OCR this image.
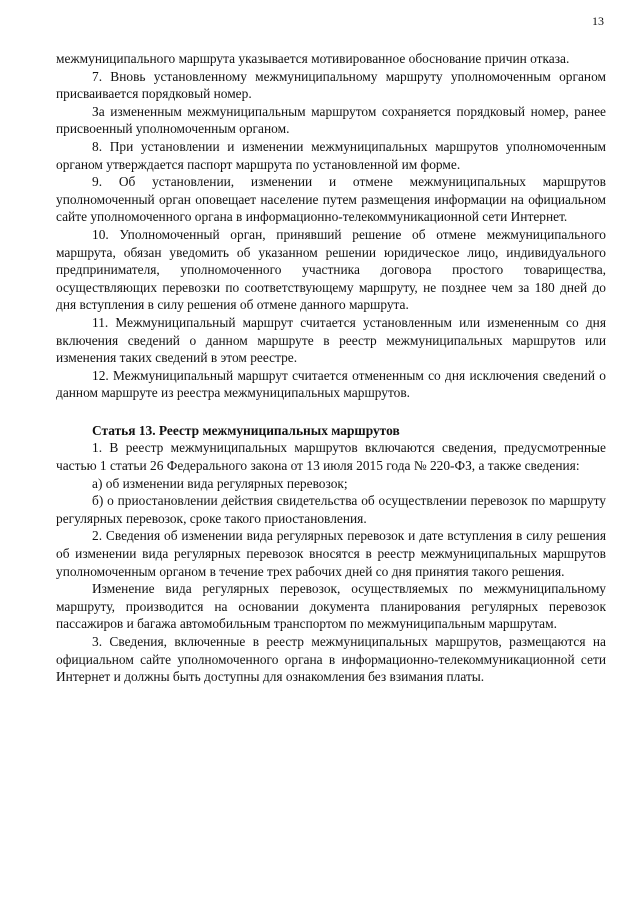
13

межмуниципального маршрута указывается мотивированное обоснование причин отказа.

7. Вновь установленному межмуниципальному маршруту уполномоченным органом присваивается порядковый номер.

За измененным межмуниципальным маршрутом сохраняется порядковый номер, ранее присвоенный уполномоченным органом.

8. При установлении и изменении межмуниципальных маршрутов уполномоченным органом утверждается паспорт маршрута по установленной им форме.

9. Об установлении, изменении и отмене межмуниципальных маршрутов уполномоченный орган оповещает население путем размещения информации на официальном сайте уполномоченного органа в информационно-телекоммуникационной сети Интернет.

10. Уполномоченный орган, принявший решение об отмене межмуниципального маршрута, обязан уведомить об указанном решении юридическое лицо, индивидуального предпринимателя, уполномоченного участника договора простого товарищества, осуществляющих перевозки по соответствующему маршруту, не позднее чем за 180 дней до дня вступления в силу решения об отмене данного маршрута.

11. Межмуниципальный маршрут считается установленным или измененным со дня включения сведений о данном маршруте в реестр межмуниципальных маршрутов или изменения таких сведений в этом реестре.

12. Межмуниципальный маршрут считается отмененным со дня исключения сведений о данном маршруте из реестра межмуниципальных маршрутов.

Статья 13. Реестр межмуниципальных маршрутов

1. В реестр межмуниципальных маршрутов включаются сведения, предусмотренные частью 1 статьи 26 Федерального закона от 13 июля 2015 года № 220-ФЗ, а также сведения:

а) об изменении вида регулярных перевозок;

б) о приостановлении действия свидетельства об осуществлении перевозок по маршруту регулярных перевозок, сроке такого приостановления.

2. Сведения об изменении вида регулярных перевозок и дате вступления в силу решения об изменении вида регулярных перевозок вносятся в реестр межмуниципальных маршрутов уполномоченным органом в течение трех рабочих дней со дня принятия такого решения.

Изменение вида регулярных перевозок, осуществляемых по межмуниципальному маршруту, производится на основании документа планирования регулярных перевозок пассажиров и багажа автомобильным транспортом по межмуниципальным маршрутам.

3. Сведения, включенные в реестр межмуниципальных маршрутов, размещаются на официальном сайте уполномоченного органа в информационно-телекоммуникационной сети Интернет и должны быть доступны для ознакомления без взимания платы.
